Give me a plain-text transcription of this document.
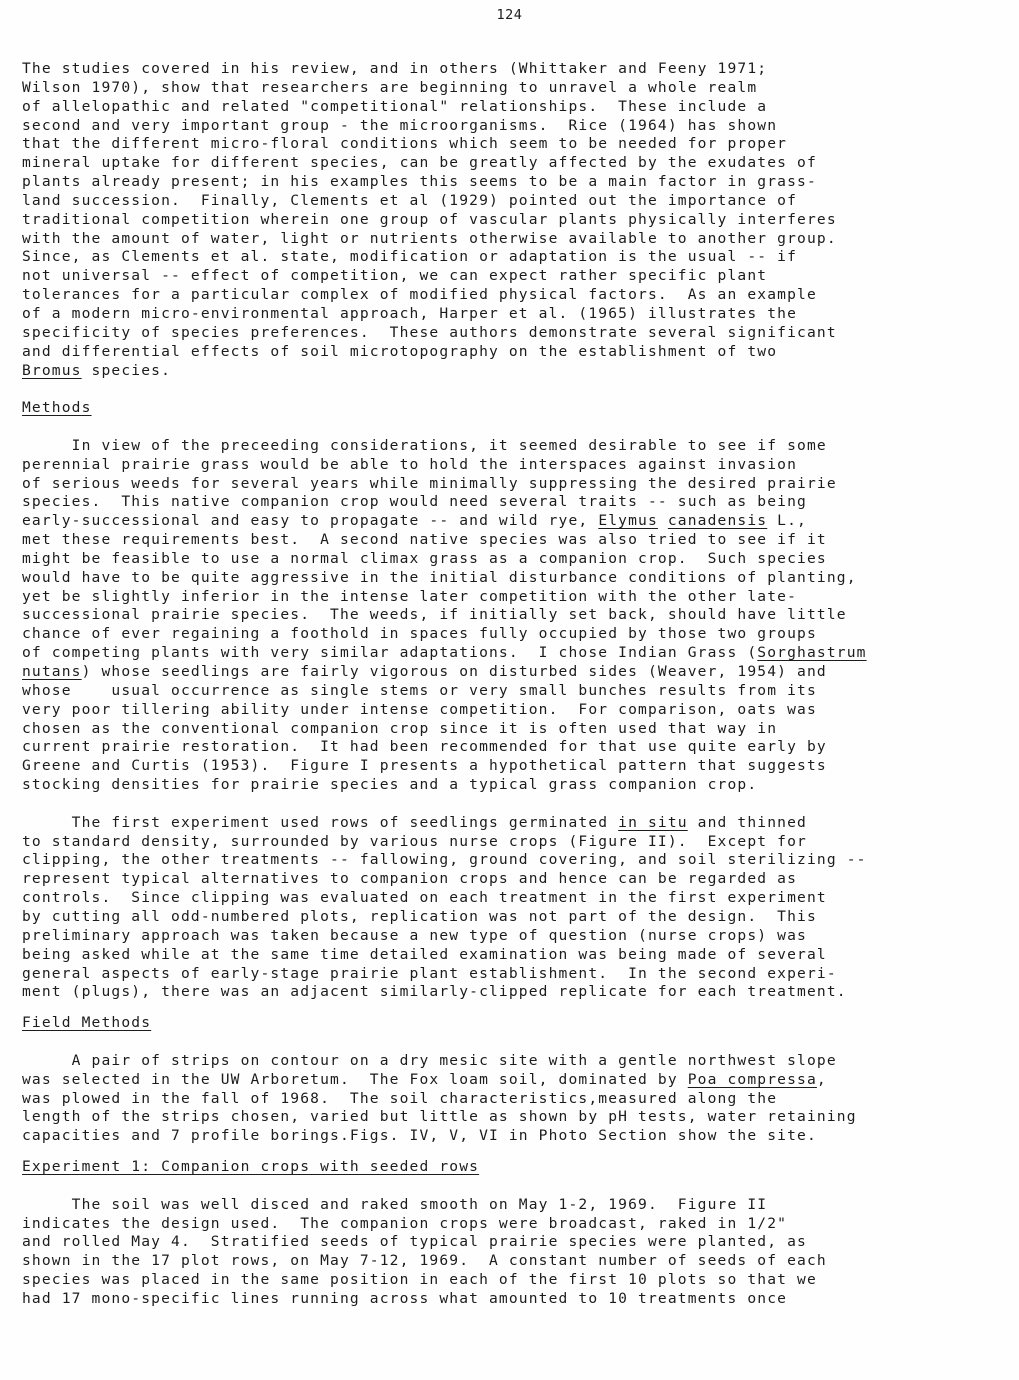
124
The studies covered in his review, and in others (Whittaker and Feeny 1971;
Wilson 1970), show that researchers are beginning to unravel a whole realm
of allelopathic and related "competitional" relationships.  These include a
second and very important group - the microorganisms.  Rice (1964) has shown
that the different micro-floral conditions which seem to be needed for proper
mineral uptake for different species, can be greatly affected by the exudates of
plants already present; in his examples this seems to be a main factor in grass-
land succession.  Finally, Clements et al (1929) pointed out the importance of
traditional competition wherein one group of vascular plants physically interferes
with the amount of water, light or nutrients otherwise available to another group.
Since, as Clements et al. state, modification or adaptation is the usual -- if
not universal -- effect of competition, we can expect rather specific plant
tolerances for a particular complex of modified physical factors.  As an example
of a modern micro-environmental approach, Harper et al. (1965) illustrates the
specificity of species preferences.  These authors demonstrate several significant
and differential effects of soil microtopography on the establishment of two
Bromus species.
Methods
In view of the preceeding considerations, it seemed desirable to see if some
perennial prairie grass would be able to hold the interspaces against invasion
of serious weeds for several years while minimally suppressing the desired prairie
species.  This native companion crop would need several traits -- such as being
early-successional and easy to propagate -- and wild rye, Elymus canadensis L.,
met these requirements best.  A second native species was also tried to see if it
might be feasible to use a normal climax grass as a companion crop.  Such species
would have to be quite aggressive in the initial disturbance conditions of planting,
yet be slightly inferior in the intense later competition with the other late-
successional prairie species.  The weeds, if initially set back, should have little
chance of ever regaining a foothold in spaces fully occupied by those two groups
of competing plants with very similar adaptations.  I chose Indian Grass (Sorghastrum
nutans) whose seedlings are fairly vigorous on disturbed sides (Weaver, 1954) and
whose    usual occurrence as single stems or very small bunches results from its
very poor tillering ability under intense competition.  For comparison, oats was
chosen as the conventional companion crop since it is often used that way in
current prairie restoration.  It had been recommended for that use quite early by
Greene and Curtis (1953).  Figure I presents a hypothetical pattern that suggests
stocking densities for prairie species and a typical grass companion crop.
The first experiment used rows of seedlings germinated in situ and thinned
to standard density, surrounded by various nurse crops (Figure II).  Except for
clipping, the other treatments -- fallowing, ground covering, and soil sterilizing --
represent typical alternatives to companion crops and hence can be regarded as
controls.  Since clipping was evaluated on each treatment in the first experiment
by cutting all odd-numbered plots, replication was not part of the design.  This
preliminary approach was taken because a new type of question (nurse crops) was
being asked while at the same time detailed examination was being made of several
general aspects of early-stage prairie plant establishment.  In the second experi-
ment (plugs), there was an adjacent similarly-clipped replicate for each treatment.
Field Methods
A pair of strips on contour on a dry mesic site with a gentle northwest slope
was selected in the UW Arboretum.  The Fox loam soil, dominated by Poa compressa,
was plowed in the fall of 1968.  The soil characteristics,measured along the
length of the strips chosen, varied but little as shown by pH tests, water retaining
capacities and 7 profile borings.Figs. IV, V, VI in Photo Section show the site.
Experiment 1: Companion crops with seeded rows
The soil was well disced and raked smooth on May 1-2, 1969.  Figure II
indicates the design used.  The companion crops were broadcast, raked in 1/2"
and rolled May 4.  Stratified seeds of typical prairie species were planted, as
shown in the 17 plot rows, on May 7-12, 1969.  A constant number of seeds of each
species was placed in the same position in each of the first 10 plots so that we
had 17 mono-specific lines running across what amounted to 10 treatments once
